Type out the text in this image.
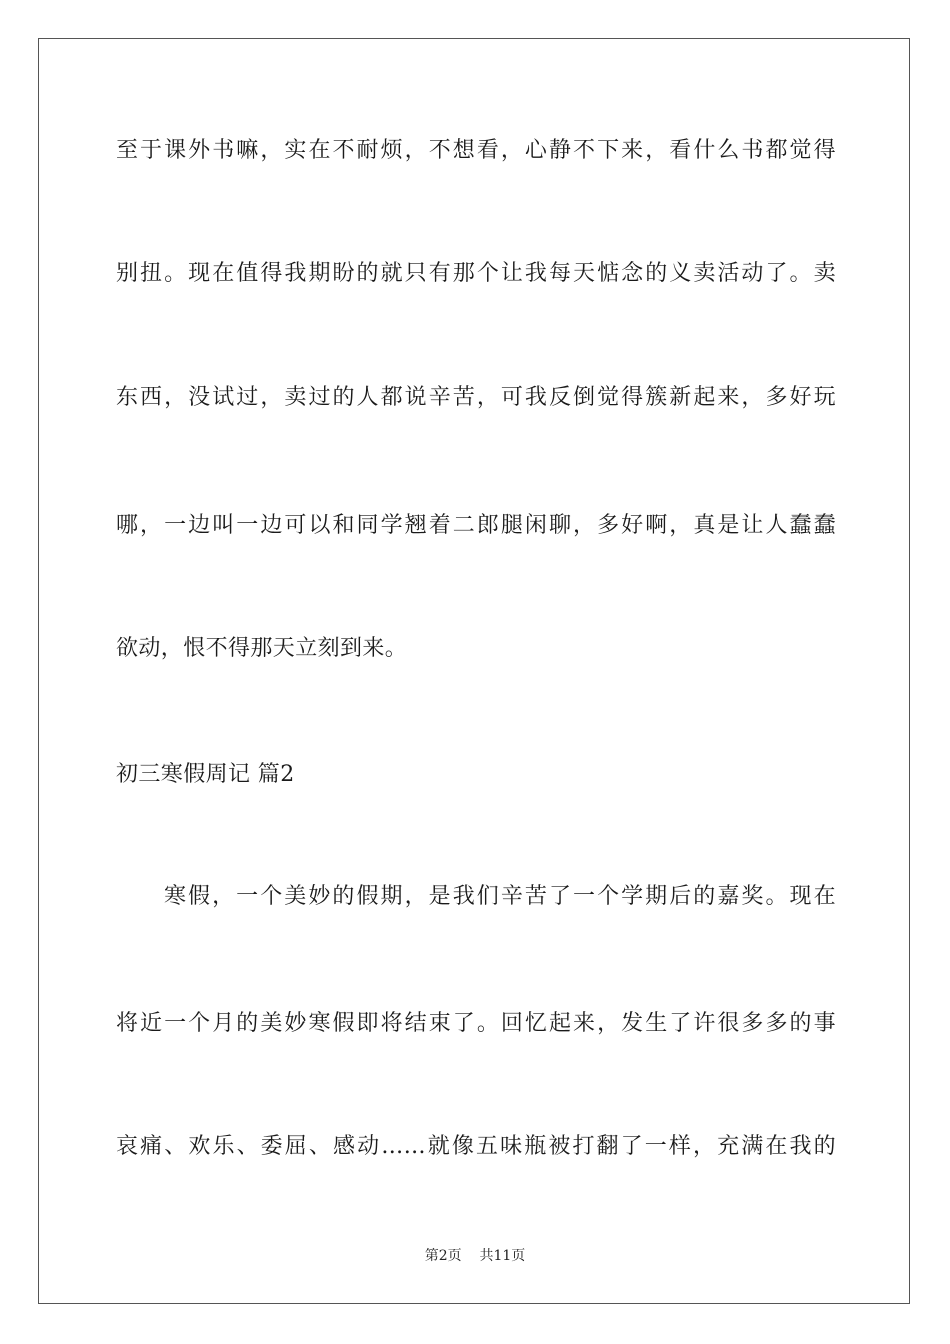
至于课外书嘛，实在不耐烦，不想看，心静不下来，看什么书都觉得
别扭。现在值得我期盼的就只有那个让我每天惦念的义卖活动了。卖
东西，没试过，卖过的人都说辛苦，可我反倒觉得簇新起来，多好玩
哪，一边叫一边可以和同学翘着二郎腿闲聊，多好啊，真是让人蠢蠢
欲动，恨不得那天立刻到来。
初三寒假周记 篇2
寒假，一个美妙的假期，是我们辛苦了一个学期后的嘉奖。现在
将近一个月的美妙寒假即将结束了。回忆起来，发生了许很多多的事
哀痛、欢乐、委屈、感动……就像五味瓶被打翻了一样，充满在我的
第2页 共11页
